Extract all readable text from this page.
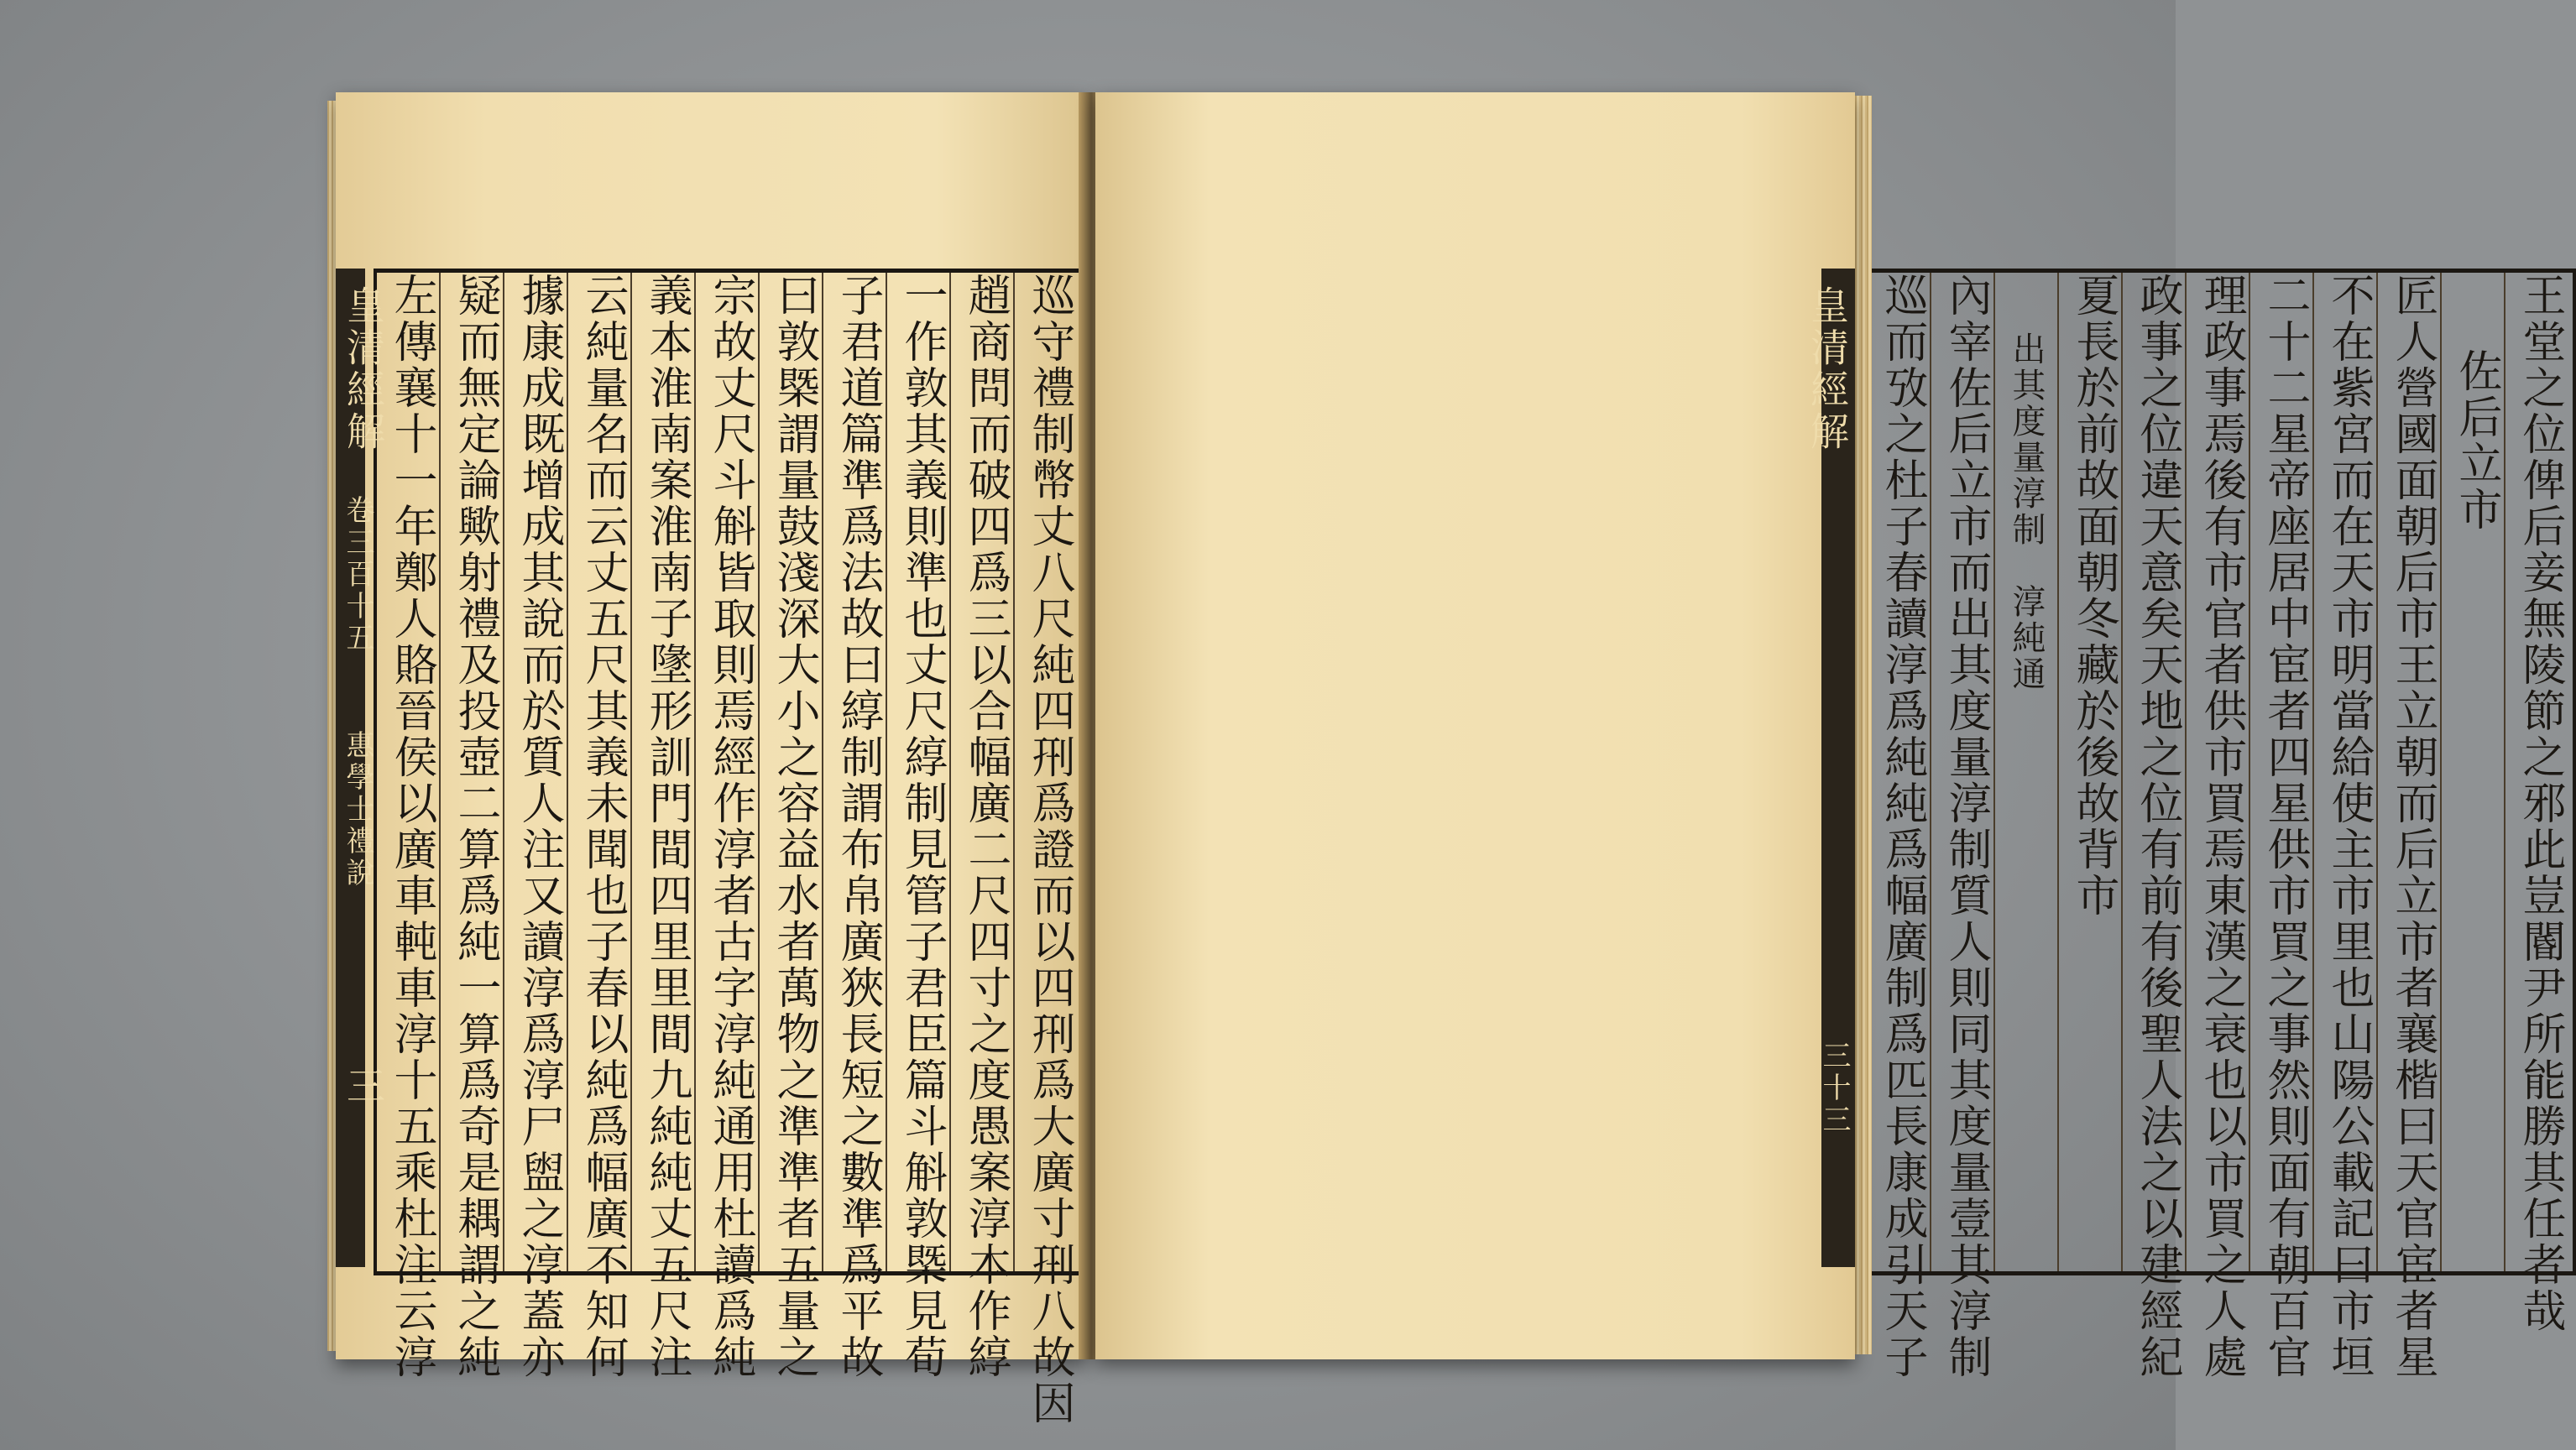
巡守禮制幣丈八尺純四𠛬爲證而以四𠛬爲大廣寸𠛬八故因
趙商問而破四爲三以合幅廣二尺四寸之度愚案淳本作綧
一作敦其義則準也丈尺綧制見管子君臣篇斗斛敦槩見荀
子君道篇準爲法故曰綧制謂布帛廣狹長短之數準爲平故
曰敦槩謂量鼓淺深大小之容益水者萬物之準準者五量之
宗故丈尺斗斛皆取則焉經作淳者古字淳純通用杜讀爲純
義本淮南案淮南子墬形訓門間四里里間九純純丈五尺注
云純量名而云丈五尺其義未聞也子春以純爲幅廣不知何
據康成既增成其說而於質人注又讀淳爲淳尸盥之淳蓋亦
疑而無定論歟射禮及投壺二算爲純一算爲奇是耦謂之純
左傳襄十一年鄭人賂晉侯以廣車軘車淳十五乘杜注云淳
皇清經解
卷三百十五
惠學士禮說
三	王堂之位俾后妾無陵節之邪此豈閽尹所能勝其任者哉
佐后立市
匠人營國面朝后市王立朝而后立市者襄楷曰天官宦者星
不在紫宮而在天市明當給使主市里也山陽公載記曰市垣
二十二星帝座居中宦者四星供市買之事然則面有朝百官
理政事焉後有市官者供市買焉東漢之衰也以市買之人處
政事之位違天意矣天地之位有前有後聖人法之以建經紀
夏長於前故面朝冬藏於後故背市
出其度量淳制　淳純通
內宰佐后立市而出其度量淳制質人則同其度量壹其淳制
巡而攷之杜子春讀淳爲純純爲幅廣制爲匹長康成引天子
皇清經解
三十三
